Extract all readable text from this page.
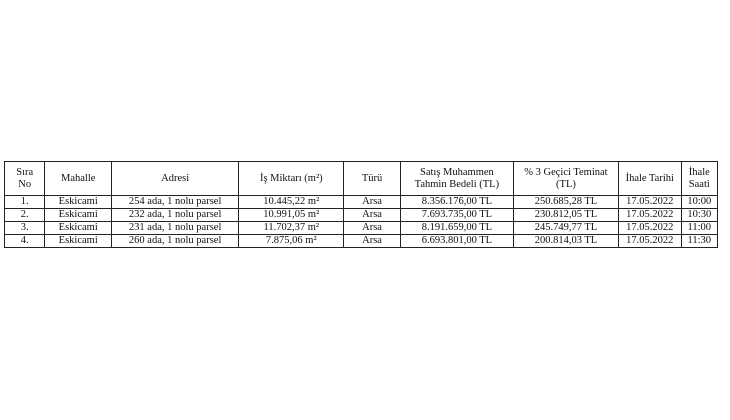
Sıra No	Mahalle	Adresi	İş Miktarı (m²)	Türü	Satış Muhammen Tahmin Bedeli (TL)	% 3 Geçici Teminat (TL)	İhale Tarihi	İhale Saati
1.	Eskicami	254 ada, 1 nolu parsel	10.445,22 m²	Arsa	8.356.176,00 TL	250.685,28 TL	17.05.2022	10:00
2.	Eskicami	232 ada, 1 nolu parsel	10.991,05 m²	Arsa	7.693.735,00 TL	230.812,05 TL	17.05.2022	10:30
3.	Eskicami	231 ada, 1 nolu parsel	11.702,37 m²	Arsa	8.191.659,00 TL	245.749,77 TL	17.05.2022	11:00
4.	Eskicami	260 ada, 1 nolu parsel	7.875,06 m²	Arsa	6.693.801,00 TL	200.814,03 TL	17.05.2022	11:30
